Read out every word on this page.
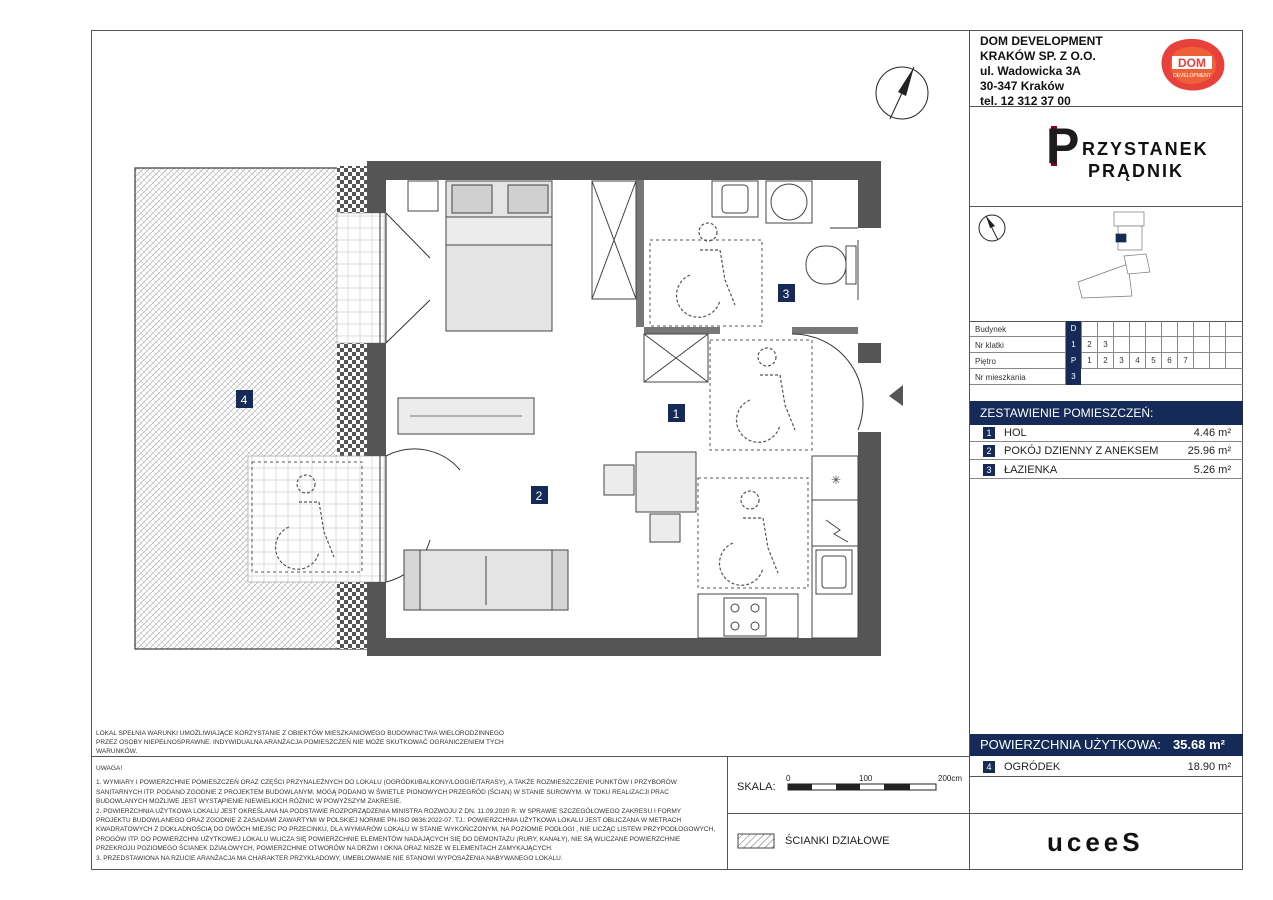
DOM DEVELOPMENT
KRAKÓW SP. Z O.O.
ul. Wadowicka 3A
30-347 Kraków
tel. 12 312 37 00
DOM
DEVELOPMENT
P RZYSTANEK
PRĄDNIK
Budynek	D
Nr klatki	1	2	3
Piętro	P	1	2	3	4	5	6	7
Nr mieszkania	3
ZESTAWIENIE POMIESZCZEŃ:
1	HOL	4.46 m²
2	POKÓJ DZIENNY Z ANEKSEM	25.96 m²
3	ŁAZIENKA	5.26 m²
POWIERZCHNIA UŻYTKOWA: 35.68 m²
4	OGRÓDEK	18.90 m²
LOKAL SPEŁNIA WARUNKI UMOŻLIWIAJĄCE KORZYSTANIE Z OBIEKTÓW MIESZKANIOWEGO BUDOWNICTWA WIELORODZINNEGO PRZEZ OSOBY NIEPEŁNOSPRAWNE. INDYWIDUALNA ARANŻACJA POMIESZCZEŃ NIE MOŻE SKUTKOWAĆ OGRANICZENIEM TYCH WARUNKÓW.
UWAGA!
1. WYMIARY I POWIERZCHNIE POMIESZCZEŃ ORAZ CZĘŚCI PRZYNALEŻNYCH DO LOKALU (OGRÓDKI/BALKONY/LOGGIE/TARASY), A TAKŻE ROZMIESZCZENIE PUNKTÓW I PRZYBORÓW SANITARNYCH ITP. PODANO ZGODNIE Z PROJEKTEM BUDOWLANYM. MOGĄ PODANO W ŚWIETLE PIONOWYCH PRZEGRÓD (ŚCIAN) W STANIE SUROWYM. W TOKU REALIZACJI PRAC BUDOWLANYCH MOŻLIWE JEST WYSTĄPIENIE NIEWIELKICH RÓŻNIC W POWYŻSZYM ZAKRESIE.
2. POWIERZCHNIA UŻYTKOWA LOKALU JEST OKREŚLANA NA PODSTAWIE ROZPORZĄDZENIA MINISTRA ROZWOJU Z DN. 11.09.2020 R. W SPRAWIE SZCZEGÓŁOWEGO ZAKRESU I FORMY PROJEKTU BUDOWLANEGO ORAZ ZGODNIE Z ZASADAMI ZAWARTYMI W POLSKIEJ NORMIE PN-ISO 9836:2022-07. TJ.: POWIERZCHNIA UŻYTKOWA LOKALU JEST OBLICZANA W METRACH KWADRATOWYCH Z DOKŁADNOŚCIĄ DO DWÓCH MIEJSC PO PRZECINKU, DLA WYMIARÓW LOKALU W STANIE WYKOŃCZONYM, NA POZIOMIE PODŁOGI , NIE LICZĄC LISTEW PRZYPODŁOGOWYCH, PROGÓW ITP. DO POWIERZCHNI UŻYTKOWEJ LOKALU WLICZA SIĘ POWIERZCHNIE ELEMENTÓW NADAJĄCYCH SIĘ DO DEMONTAŻU (RURY, KANAŁY), NIE SĄ WLICZANE POWIERZCHNIE PRZEKROJU POZIOMEGO ŚCIANEK DZIAŁOWYCH, POWIERZCHNIE OTWORÓW NA DRZWI I OKNA ORAZ NISZE W ELEMENTACH ZAMYKAJĄCYCH.
3. PRZEDSTAWIONA NA RZUCIE ARANŻACJA MA CHARAKTER PRZYKŁADOWY, UMEBLOWANIE NIE STANOWI WYPOSAŻENIA NABYWANEGO LOKALU.
SKALA:
0	100	200cm
ŚCIANKI DZIAŁOWE	uceeS
✳
1
2
3
4
